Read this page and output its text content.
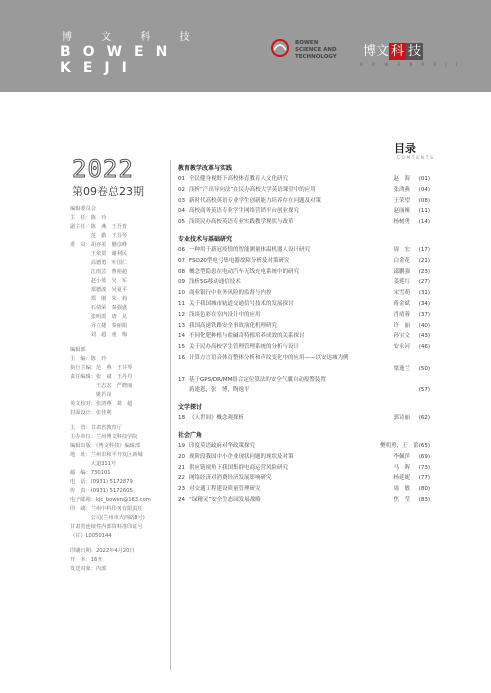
博 文 科 技
BOWEN
KEJI
BOWEN
SCIENCE AND
TECHNOLOGY 博文 科 技
B O W E N K E J I
2022
第09卷总23期
编辑委员会
主　任：陈　玲
副主任：陈　燕　王吾育
　　　　范　勤　王芬琴
委　员：胡亦美　蒯彦峰
　　　　王依贺　谢利民
　　　　高德勇　叶国仁
　　　　江雨芸　曹裕超
　　　　赵小蓝　吴　军
　　　　郑德波　吴夏平
　　　　郑　刚　朱　莉
　　　　石倩荣　秦强盛
　　　　张明震　唐　晃
　　　　齐立捷　秦丽娟
　　　　刘　超　童　梅
编辑部
主　编：陈　玲
执行主编：范　燕　王芬琴
责任编辑：张　斌　王丹丹
　　　　　王志宏　严晓丽
　　　　　姚若岗
英文校对：张鸿燕　葛　超
封面设计：张佳利
主　管：甘肃省教育厅
主办单位：兰州博文科技学院
编辑出版：《博文科技》编辑部
地　址：兰州市和平开发区新城
　　　　大道311号
邮　编：730101
电　话：(0931) 5172879
传　真：(0931) 5172605
电子邮箱：kjc_bowen@163.com
印　刷：兰州中科印务有限责任
　　　　公司(兰州市大西路8号)
甘肃省连续性内部资料准印证号
（甘）L0050144
印刷日期：2022年4月20日
开　本：16开
发送对象：内部
目录
CONTENTS
教育教学改革与实践
01 全民健身视野下高校体育教育人文化研究	赵　海	(01)
02 浅析“产出导向法”在民办高校大学英语课堂中的应用	张鸿燕	(04)
03 新时代高校英语专业学生创新能力培养存在问题及对策	王荣望	(08)
04 高校商务英语专业学生网络营销平台创业探究	赵丽娅	(11)
05 浅谈民办高校英语专业实践教学现状与改革	杨树勇	(14)
专业技术与基础研究
06 一种用于新冠疫情的智能测量体温机器人设计研究	周　宏	(17)
07 FSO20型电弓集电器故障分析及对策研究	白金花	(21)
08 概念型隐患在电动汽车无线充电系统中的研究	邵鹏强	(23)
09 浅析5G移动通信技术	姜莲红	(27)
10 商业银行中业务风险的监督与内控	宋雪萌	(31)
11 关于我国城市轨道交通信号技术的发展探讨	蒋金斌	(34)
12 浅谈色彩在室内设计中的应用	肖靖蓉	(37)
13 我国高速铁路安全事故演化机理研究	许　丽	(40)
14 不同化肥种植与盐碱奇特植培养成效的关系探讨	孙宝文	(43)
15 关于民办高校学生管理管理系统的分析与设计	安永河	(46)
16 计算方言语音体育整体分析和声纹变化中的应用——以安达城为例
梁逸兰	(50)
17 基于GPS/DR/MM组合定位算法的安全气囊自动报警装置
蒋建恩，张　博，陶逸平	(57)
文学探讨
18 《人世间》概念观探析	郭诗丽	(62)
社会广角
19 印度莫语政府对华政策探究	樊明勇，王　蕾 (65)
20 现阶段我国中小企业现状问题的现状及对策	李佩萍	(69)
21 供应链视角下我国集群电商运营风险研究	马　晖	(73)
22 网络经济对消费经济发展影响研究	杨延妮	(77)
23 对交通工程建设质量管理研究	周　敏	(80)
24 “绿精灵”安全生态园发展战略	焦　莹	(83)
